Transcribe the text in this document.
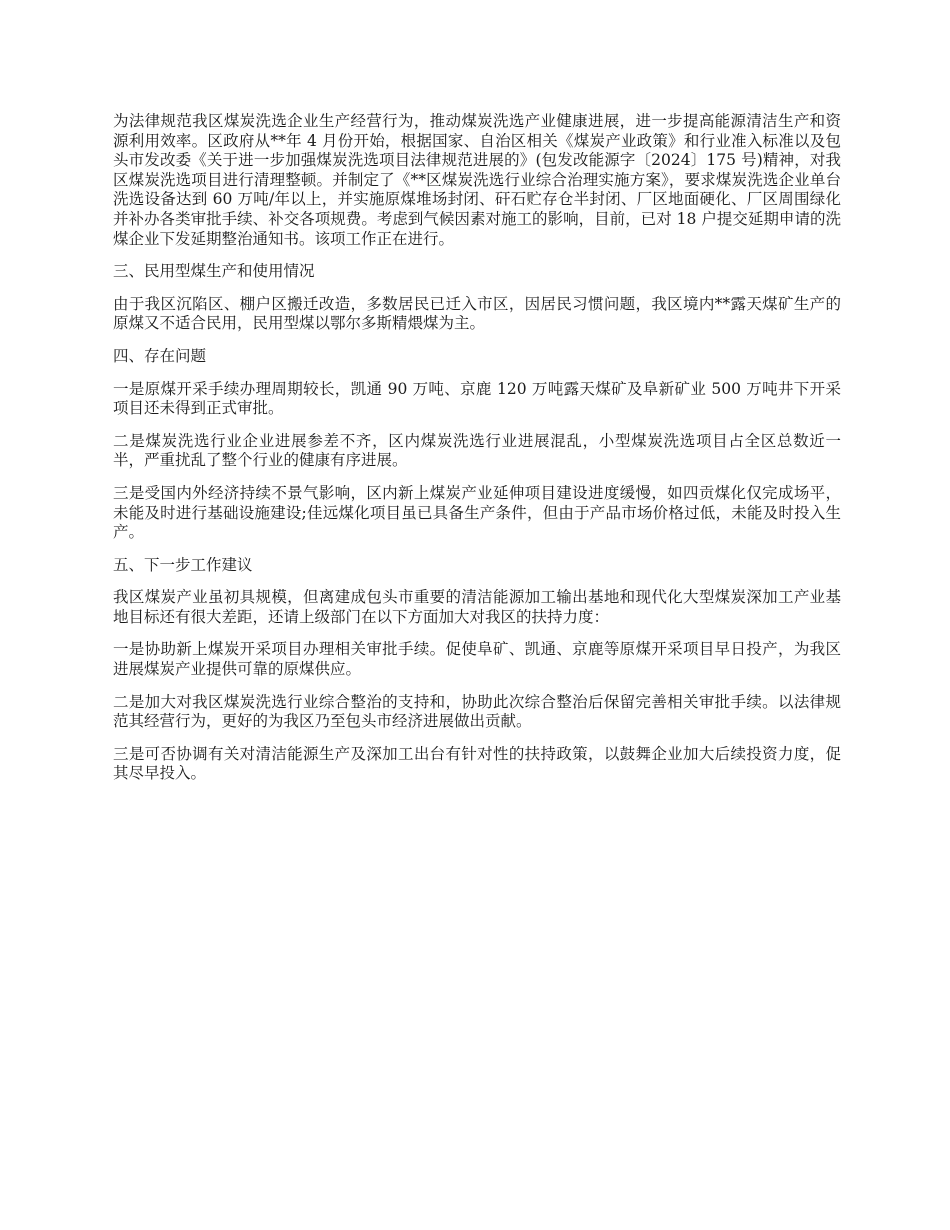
为法律规范我区煤炭洗选企业生产经营行为，推动煤炭洗选产业健康进展，进一步提高能源清洁生产和资源利用效率。区政府从**年 4 月份开始，根据国家、自治区相关《煤炭产业政策》和行业准入标准以及包头市发改委《关于进一步加强煤炭洗选项目法律规范进展的》(包发改能源字〔2024〕175 号)精神，对我区煤炭洗选项目进行清理整顿。并制定了《**区煤炭洗选行业综合治理实施方案》，要求煤炭洗选企业单台洗选设备达到 60 万吨/年以上，并实施原煤堆场封闭、矸石贮存仓半封闭、厂区地面硬化、厂区周围绿化并补办各类审批手续、补交各项规费。考虑到气候因素对施工的影响，目前，已对 18 户提交延期申请的洗煤企业下发延期整治通知书。该项工作正在进行。

三、民用型煤生产和使用情况

由于我区沉陷区、棚户区搬迁改造，多数居民已迁入市区，因居民习惯问题，我区境内**露天煤矿生产的原煤又不适合民用，民用型煤以鄂尔多斯精煨煤为主。

四、存在问题

一是原煤开采手续办理周期较长，凯通 90 万吨、京鹿 120 万吨露天煤矿及阜新矿业 500 万吨井下开采项目还未得到正式审批。

二是煤炭洗选行业企业进展参差不齐，区内煤炭洗选行业进展混乱，小型煤炭洗选项目占全区总数近一半，严重扰乱了整个行业的健康有序进展。

三是受国内外经济持续不景气影响，区内新上煤炭产业延伸项目建设进度缓慢，如四贡煤化仅完成场平，未能及时进行基础设施建设;佳远煤化项目虽已具备生产条件，但由于产品市场价格过低，未能及时投入生产。

五、下一步工作建议

我区煤炭产业虽初具规模，但离建成包头市重要的清洁能源加工输出基地和现代化大型煤炭深加工产业基地目标还有很大差距，还请上级部门在以下方面加大对我区的扶持力度：

一是协助新上煤炭开采项目办理相关审批手续。促使阜矿、凯通、京鹿等原煤开采项目早日投产，为我区进展煤炭产业提供可靠的原煤供应。

二是加大对我区煤炭洗选行业综合整治的支持和，协助此次综合整治后保留完善相关审批手续。以法律规范其经营行为，更好的为我区乃至包头市经济进展做出贡献。

三是可否协调有关对清洁能源生产及深加工出台有针对性的扶持政策，以鼓舞企业加大后续投资力度，促其尽早投入。
